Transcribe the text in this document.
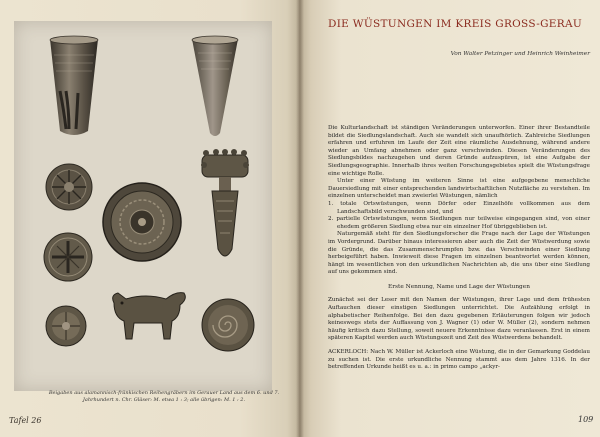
Beigaben aus alamannisch-fränkischen Reihengräbern im Gerauer Land aus dem 6. und 7. Jahrhundert n. Chr. Gläser: M. etwa 1 : 3; alle übrigen: M. 1 : 2.
Tafel 26
DIE WÜSTUNGEN IM KREIS GROSS-GERAU
Von Walter Petzinger und Heinrich Weinheimer

Die Kulturlandschaft ist ständigen Veränderungen unterworfen. Einer ihrer Bestandteile bildet die Siedlungslandschaft. Auch sie wandelt sich unaufhörlich. Zahlreiche Siedlungen erfahren und erfuhren im Laufe der Zeit eine räumliche Ausdehnung, während andere wieder an Umfang abnehmen oder ganz verschwinden. Diesen Veränderungen des Siedlungsbildes nachzugehen und deren Gründe aufzuspüren, ist eine Aufgabe der Siedlungsgeographie. Innerhalb ihres weiten Forschungsgebietes spielt die Wüstungsfrage eine wichtige Rolle.

Unter einer Wüstung im weiteren Sinne ist eine aufgegebene menschliche Dauersiedlung mit einer entsprechenden landwirtschaftlichen Nutzfläche zu verstehen. Im einzelnen unterscheidet man zweierlei Wüstungen, nämlich

1. totale Ortswüstungen, wenn Dörfer oder Einzelhöfe vollkommen aus dem Landschaftsbild verschwunden sind, und

2. partielle Ortswüstungen, wenn Siedlungen nur teilweise eingegangen sind, von einer ehedem größeren Siedlung etwa nur ein einzelner Hof übriggeblieben ist.

Naturgemäß steht für den Siedlungsforscher die Frage nach der Lage der Wüstungen im Vordergrund. Darüber hinaus interessieren aber auch die Zeit der Wüstwerdung sowie die Gründe, die das Zusammenschrumpfen bzw. das Verschwinden einer Siedlung herbeigeführt haben. Inwieweit diese Fragen im einzelnen beantwortet werden können, hängt im wesentlichen von den urkundlichen Nachrichten ab, die uns über eine Siedlung auf uns gekommen sind.

Erste Nennung, Name und Lage der Wüstungen

Zunächst sei der Leser mit den Namen der Wüstungen, ihrer Lage und dem frühesten Auftauchen dieser einstigen Siedlungen unterrichtet. Die Aufzählung erfolgt in alphabetischer Reihenfolge. Bei den dazu gegebenen Erläuterungen folgen wir jedoch keineswegs stets der Auffassung von J. Wagner (1) oder W. Müller (2), sondern nehmen häufig kritisch dazu Stellung, soweit neuere Erkenntnisse dazu veranlassen. Erst in einem späteren Kapitel werden auch Wüstungszeit und Zeit des Wüstwerdens behandelt.

ACKERLOCH: Nach W. Müller ist Ackerloch eine Wüstung, die in der Gemarkung Goddelau zu suchen ist. Die erste urkundliche Nennung stammt aus dem Jahre 1316. In der betreffenden Urkunde heißt es u. a.: in primo campo „ackyr-

109
